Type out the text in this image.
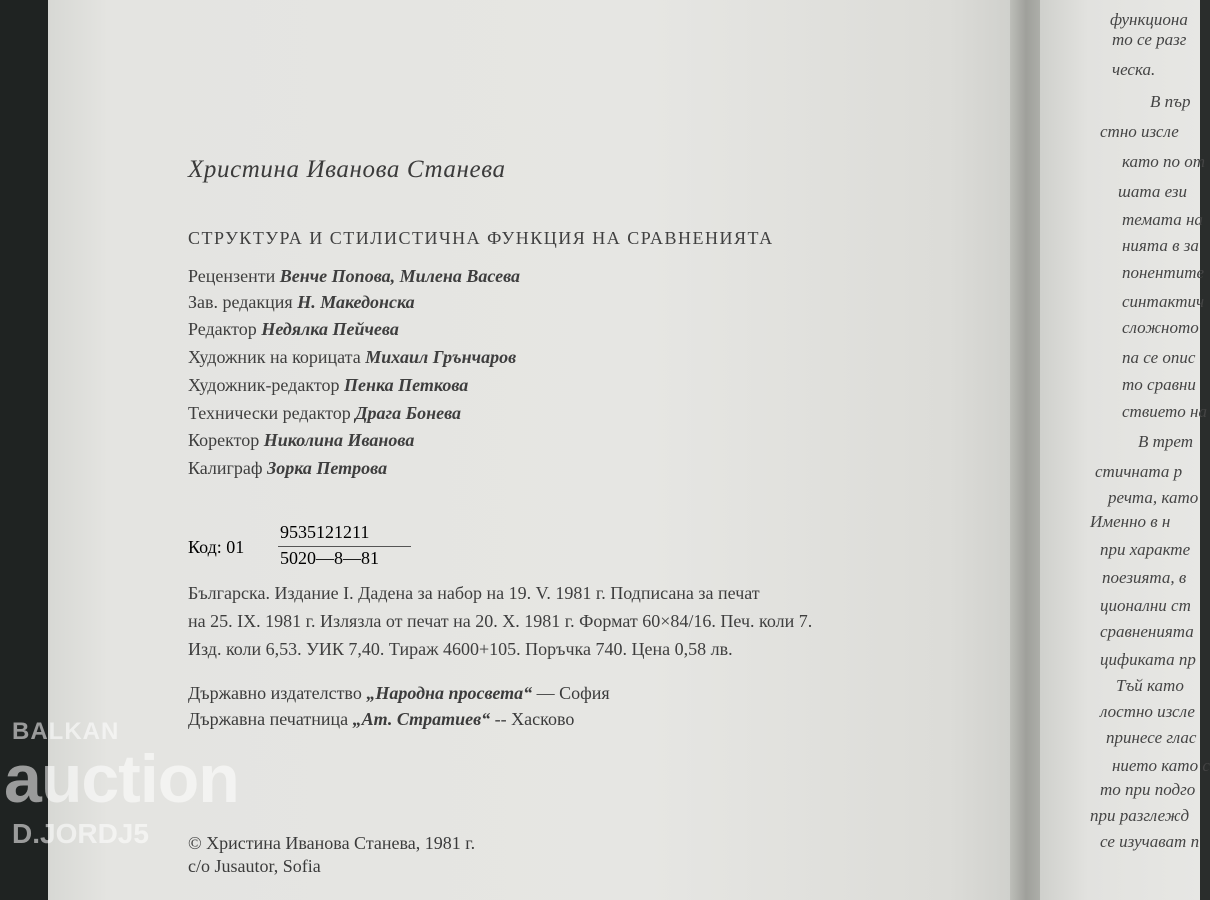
функциона
то се разг
ческа.
В пър
стно изсле
като по от
шата ези
темата на
нията в за
понентите
синтактич
сложното
па се опис
то сравни
ствието на
В трет
стичната р
речта, като
Именно в н
при характе
поезията, в
ционални ст
сравненията
цификата пр
Тъй като
лостно изсле
принесе глас
нието като с
то при подго
при разглежд
се изучават п
Христина Иванова Станева
СТРУКТУРА И СТИЛИСТИЧНА ФУНКЦИЯ НА СРАВНЕНИЯТА
Рецензенти Венче Попова, Милена Васева
Зав. редакция Н. Македонска
Редактор Недялка Пейчева
Художник на корицата Михаил Грънчаров
Художник-редактор Пенка Петкова
Технически редактор Драга Бонева
Коректор Николина Иванова
Калиграф Зорка Петрова
Код: 01
9535121211
5020—8—81
Българска. Издание I. Дадена за набор на 19. V. 1981 г. Подписана за печат
на 25. IX. 1981 г. Излязла от печат на 20. Х. 1981 г. Формат 60×84/16. Печ. коли 7.
Изд. коли 6,53. УИК 7,40. Тираж 4600+105. Поръчка 740. Цена 0,58 лв.
Държавно издателство „Народна просвета“ — София
Държавна печатница „Ат. Стратиев“ -- Хасково
© Христина Иванова Станева, 1981 г.
c/o Jusautor, Sofia
BALKAN
auction
D.JORDJ5
